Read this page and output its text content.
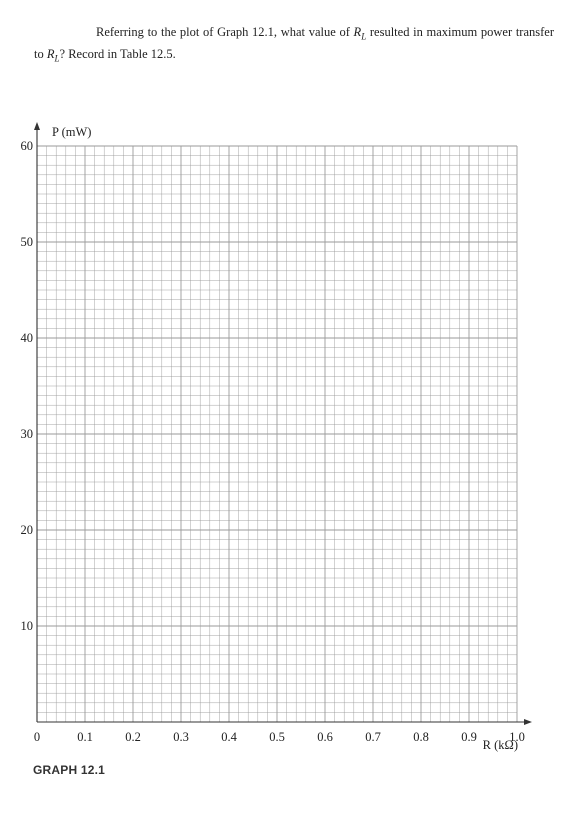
Referring to the plot of Graph 12.1, what value of $R_L$ resulted in maximum power transfer to $R_L$? Record in Table 12.5.
0	0.1	0.2	0.3	0.4	0.5	0.6	0.7	0.8	0.9	1.0
10
20
30
40
50
60
P (mW)
R (kΩ)
GRAPH 12.1
